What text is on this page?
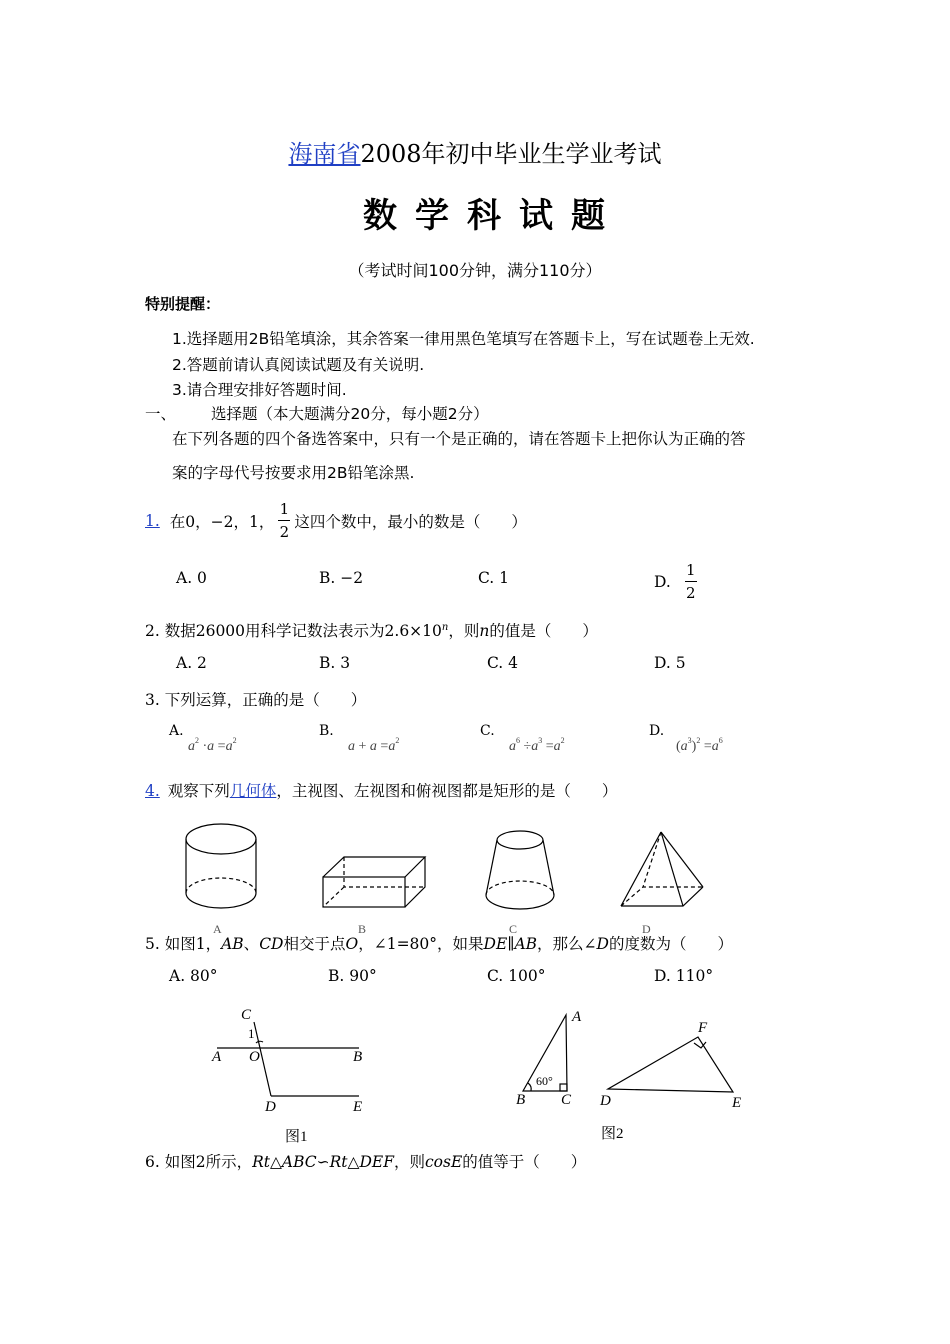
海南省2008年初中毕业生学业考试
数学科试题
（考试时间100分钟，满分110分）
特别提醒：
1.选择题用2B铅笔填涂，其余答案一律用黑色笔填写在答题卡上，写在试题卷上无效.
2.答题前请认真阅读试题及有关说明.
3.请合理安排好答题时间.
一、 选择题（本大题满分20分，每小题2分）
在下列各题的四个备选答案中，只有一个是正确的，请在答题卡上把你认为正确的答
案的字母代号按要求用2B铅笔涂黑.
1. 在0，−2，1， $\frac{1}{2}$ 这四个数中，最小的数是（　　）
A. 0	B. −2	C. 1	D. $\frac{1}{2}$
2. 数据26000用科学记数法表示为$2.6\times 10^n$，则n的值是（　　）
A. 2	B. 3	C. 4	D. 5
3. 下列运算，正确的是（　　）
A.	B.	C.	D.
$a^2 \cdot a =a^2$	$a + a =a^2$	$a^6 \div a^3 =a^2$	$(a^3)^2 =a^6$
4. 观察下列几何体，主视图、左视图和俯视图都是矩形的是（　　）
A	B	C	D
5. 如图1，AB、CD相交于点O，∠1=80°，如果DE∥AB，那么∠D的度数为（　　）
A. 80°	B. 90°	C. 100°	D. 110°
C
1
A O	B
D	E
A
60°
B C
F
D	E
图1	图2
6. 如图2所示，Rt△ABC∽Rt△DEF，则cosE的值等于（　　）
